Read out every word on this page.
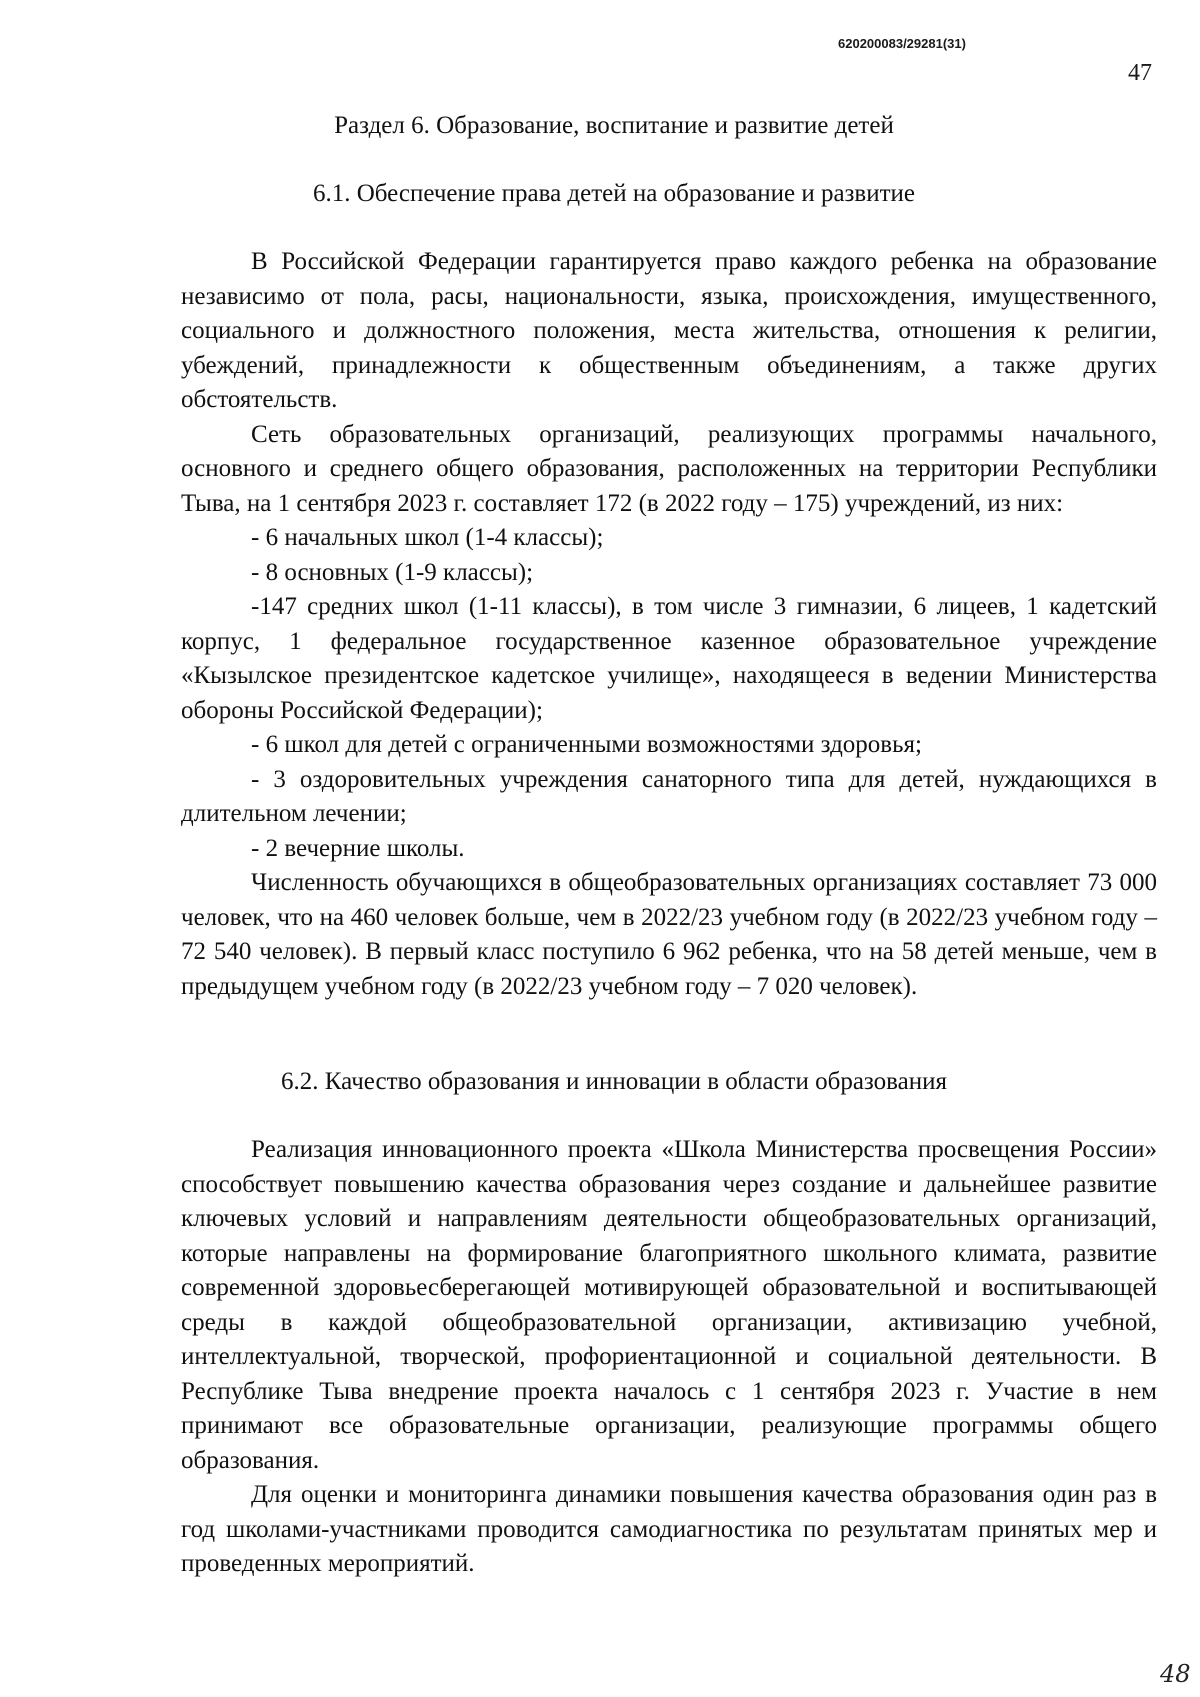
620200083/29281(31)
47
Раздел 6. Образование, воспитание и развитие детей
6.1. Обеспечение права детей на образование и развитие

В Российской Федерации гарантируется право каждого ребенка на образование независимо от пола, расы, национальности, языка, происхождения, имущественного, социального и должностного положения, места жительства, отношения к религии, убеждений, принадлежности к общественным объединениям, а также других обстоятельств.

Сеть образовательных организаций, реализующих программы начального, основного и среднего общего образования, расположенных на территории Республики Тыва, на 1 сентября 2023 г. составляет 172 (в 2022 году – 175) учреждений, из них:

- 6 начальных школ (1-4 классы);

- 8 основных (1-9 классы);

-147 средних школ (1-11 классы), в том числе 3 гимназии, 6 лицеев, 1 кадетский корпус, 1 федеральное государственное казенное образовательное учреждение «Кызылское президентское кадетское училище», находящееся в ведении Министерства обороны Российской Федерации);

- 6 школ для детей с ограниченными возможностями здоровья;

- 3 оздоровительных учреждения санаторного типа для детей, нуждающихся в длительном лечении;

- 2 вечерние школы.

Численность обучающихся в общеобразовательных организациях составляет 73 000 человек, что на 460 человек больше, чем в 2022/23 учебном году (в 2022/23 учебном году – 72 540 человек). В первый класс поступило 6 962 ребенка, что на 58 детей меньше, чем в предыдущем учебном году (в 2022/23 учебном году – 7 020 человек).

6.2. Качество образования и инновации в области образования

Реализация инновационного проекта «Школа Министерства просвещения России» способствует повышению качества образования через создание и дальнейшее развитие ключевых условий и направлениям деятельности общеобразовательных организаций, которые направлены на формирование благоприятного школьного климата, развитие современной здоровьесберегающей мотивирующей образовательной и воспитывающей среды в каждой общеобразовательной организации, активизацию учебной, интеллектуальной, творческой, профориентационной и социальной деятельности. В Республике Тыва внедрение проекта началось с 1 сентября 2023 г. Участие в нем принимают все образовательные организации, реализующие программы общего образования.

Для оценки и мониторинга динамики повышения качества образования один раз в год школами-участниками проводится самодиагностика по результатам принятых мер и проведенных мероприятий.

48
